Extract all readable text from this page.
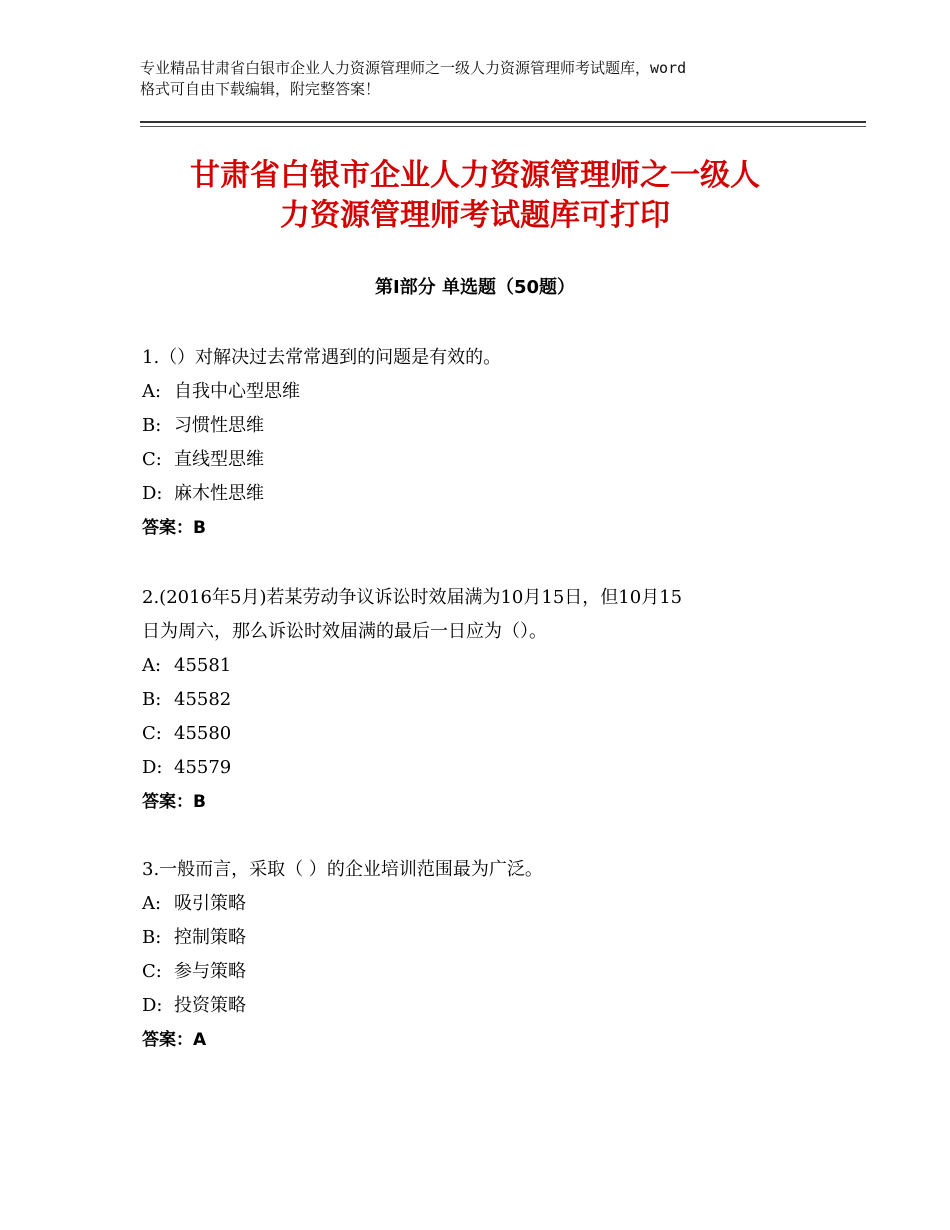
专业精品甘肃省白银市企业人力资源管理师之一级人力资源管理师考试题库，word
格式可自由下载编辑，附完整答案！
甘肃省白银市企业人力资源管理师之一级人
力资源管理师考试题库可打印
第Ⅰ部分 单选题（50题）

1.（）对解决过去常常遇到的问题是有效的。

A: 自我中心型思维

B: 习惯性思维

C: 直线型思维

D: 麻木性思维

答案：B

2.(2016年5月)若某劳动争议诉讼时效届满为10月15日，但10月15

日为周六，那么诉讼时效届满的最后一日应为（）。

A: 45581

B: 45582

C: 45580

D: 45579

答案：B

3.一般而言，采取（ ）的企业培训范围最为广泛。

A: 吸引策略

B: 控制策略

C: 参与策略

D: 投资策略

答案：A
